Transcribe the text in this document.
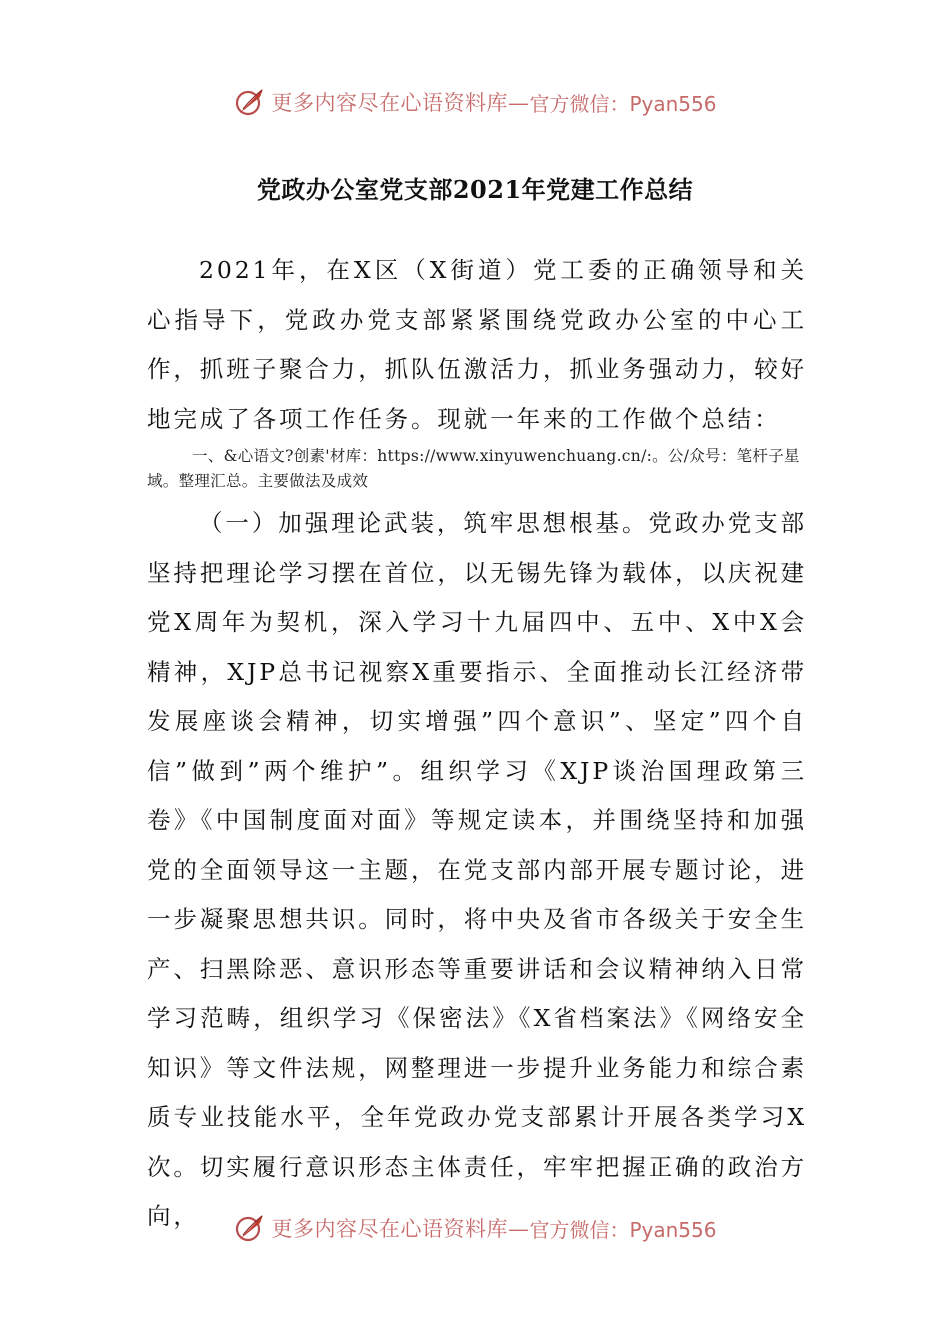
更多内容尽在心语资料库— 官方微信：Pyan556
党政办公室党支部2021年党建工作总结
2021年，在X区（X街道）党工委的正确领导和关心指导下，党政办党支部紧紧围绕党政办公室的中心工作，抓班子聚合力，抓队伍激活力，抓业务强动力，较好地完成了各项工作任务。现就一年来的工作做个总结：
一、&心语文?创素'材库：https://www.xinyuwenchuang.cn/:。公/众号：笔杆子星域。整理汇总。主要做法及成效
（一）加强理论武装，筑牢思想根基。党政办党支部坚持把理论学习摆在首位，以无锡先锋为载体，以庆祝建党X周年为契机，深入学习十九届四中、五中、X中X会精神，XJP总书记视察X重要指示、全面推动长江经济带发展座谈会精神，切实增强”四个意识”、坚定”四个自信”做到”两个维护”。组织学习《XJP谈治国理政第三卷》《中国制度面对面》等规定读本，并围绕坚持和加强党的全面领导这一主题，在党支部内部开展专题讨论，进一步凝聚思想共识。同时，将中央及省市各级关于安全生产、扫黑除恶、意识形态等重要讲话和会议精神纳入日常学习范畴，组织学习《保密法》《X省档案法》《网络安全知识》等文件法规，网整理进一步提升业务能力和综合素质专业技能水平，全年党政办党支部累计开展各类学习X次。切实履行意识形态主体责任，牢牢把握正确的政治方向，	更多内容尽在心语资料库— 官方微信：Pyan556
